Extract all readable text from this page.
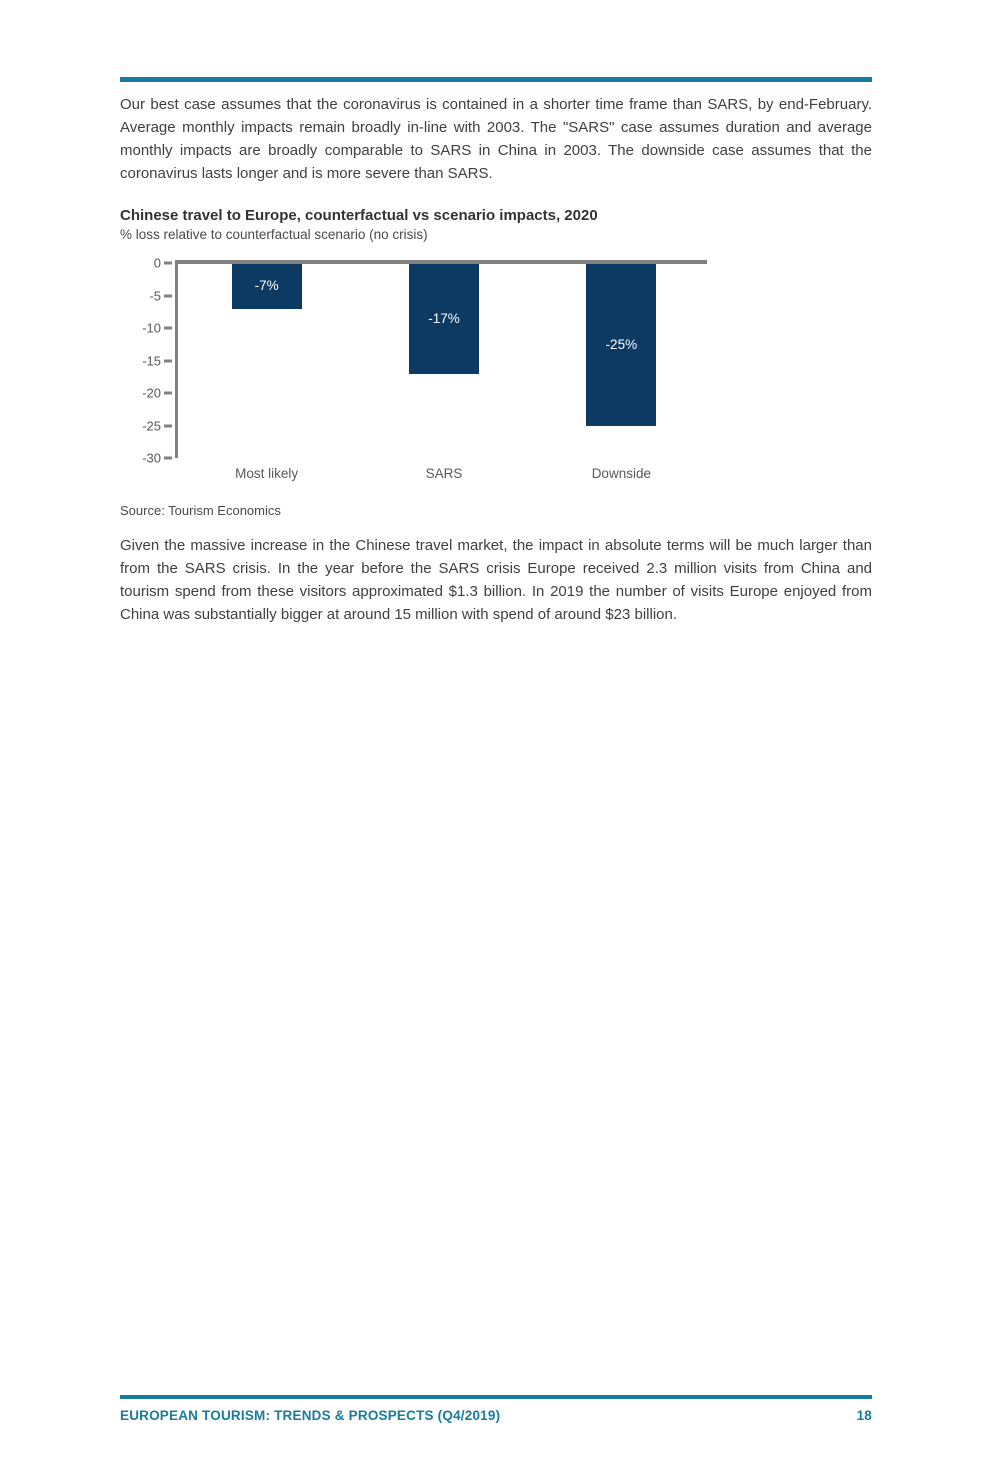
Our best case assumes that the coronavirus is contained in a shorter time frame than SARS, by end-February. Average monthly impacts remain broadly in-line with 2003. The "SARS" case assumes duration and average monthly impacts are broadly comparable to SARS in China in 2003. The downside case assumes that the coronavirus lasts longer and is more severe than SARS.

Chinese travel to Europe, counterfactual vs scenario impacts, 2020
% loss relative to counterfactual scenario (no crisis)
0
-5
-10
-15
-20
-25
-30
-7%
-17%
-25%
Most likely	SARS	Downside
Source: Tourism Economics

Given the massive increase in the Chinese travel market, the impact in absolute terms will be much larger than from the SARS crisis. In the year before the SARS crisis Europe received 2.3 million visits from China and tourism spend from these visitors approximated $1.3 billion. In 2019 the number of visits Europe enjoyed from China was substantially bigger at around 15 million with spend of around $23 billion.

EUROPEAN TOURISM: TRENDS & PROSPECTS (Q4/2019)	18
